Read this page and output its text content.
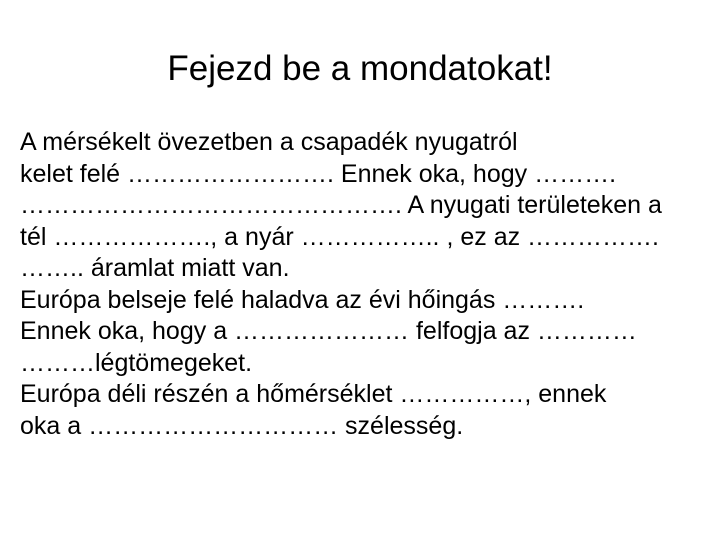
Fejezd be a mondatokat!
A mérsékelt övezetben a csapadék nyugatról
kelet felé ……………………. Ennek oka, hogy ……….
………………………………………. A nyugati területeken a
tél ………………., a nyár …………….. , ez az …………….
…….. áramlat miatt van.
Európa belseje felé haladva az évi hőingás ……….
Ennek oka, hogy a ………………… felfogja az …………
………légtömegeket.
Európa déli részén a hőmérséklet ……………, ennek
oka a ………………………… szélesség.
